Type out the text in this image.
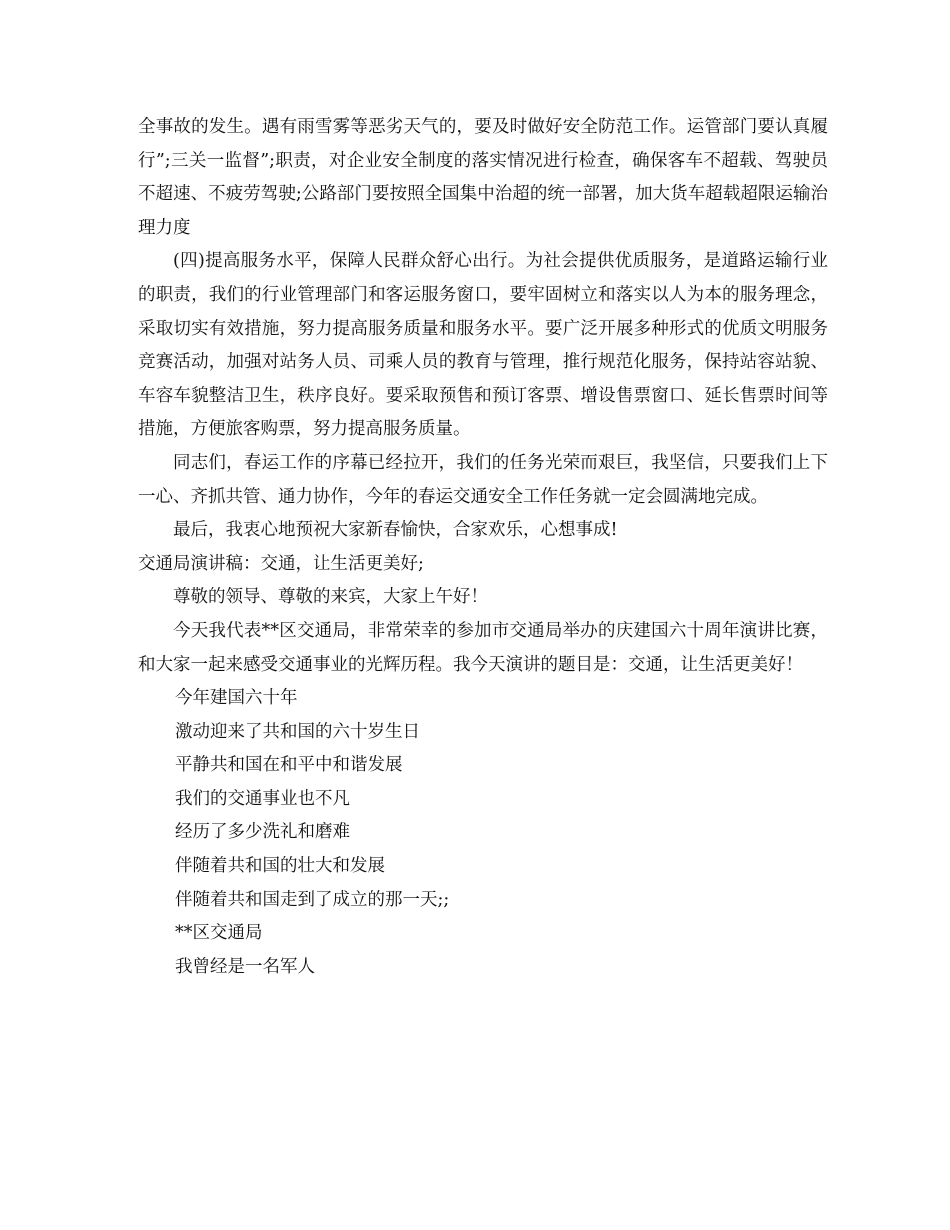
全事故的发生。遇有雨雪雾等恶劣天气的，要及时做好安全防范工作。运管部门要认真履行”;三关一监督”;职责，对企业安全制度的落实情况进行检查，确保客车不超载、驾驶员不超速、不疲劳驾驶;公路部门要按照全国集中治超的统一部署，加大货车超载超限运输治理力度

(四)提高服务水平，保障人民群众舒心出行。为社会提供优质服务，是道路运输行业的职责，我们的行业管理部门和客运服务窗口，要牢固树立和落实以人为本的服务理念，采取切实有效措施，努力提高服务质量和服务水平。要广泛开展多种形式的优质文明服务竞赛活动，加强对站务人员、司乘人员的教育与管理，推行规范化服务，保持站容站貌、车容车貌整洁卫生，秩序良好。要采取预售和预订客票、增设售票窗口、延长售票时间等措施，方便旅客购票，努力提高服务质量。

同志们，春运工作的序幕已经拉开，我们的任务光荣而艰巨，我坚信，只要我们上下一心、齐抓共管、通力协作，今年的春运交通安全工作任务就一定会圆满地完成。

最后，我衷心地预祝大家新春愉快，合家欢乐，心想事成!

交通局演讲稿：交通，让生活更美好;

尊敬的领导、尊敬的来宾，大家上午好！

今天我代表**区交通局，非常荣幸的参加市交通局举办的庆建国六十周年演讲比赛，和大家一起来感受交通事业的光辉历程。我今天演讲的题目是：交通，让生活更美好！

今年建国六十年

激动迎来了共和国的六十岁生日

平静共和国在和平中和谐发展

我们的交通事业也不凡

经历了多少洗礼和磨难

伴随着共和国的壮大和发展

伴随着共和国走到了成立的那一天;;

**区交通局

我曾经是一名军人
